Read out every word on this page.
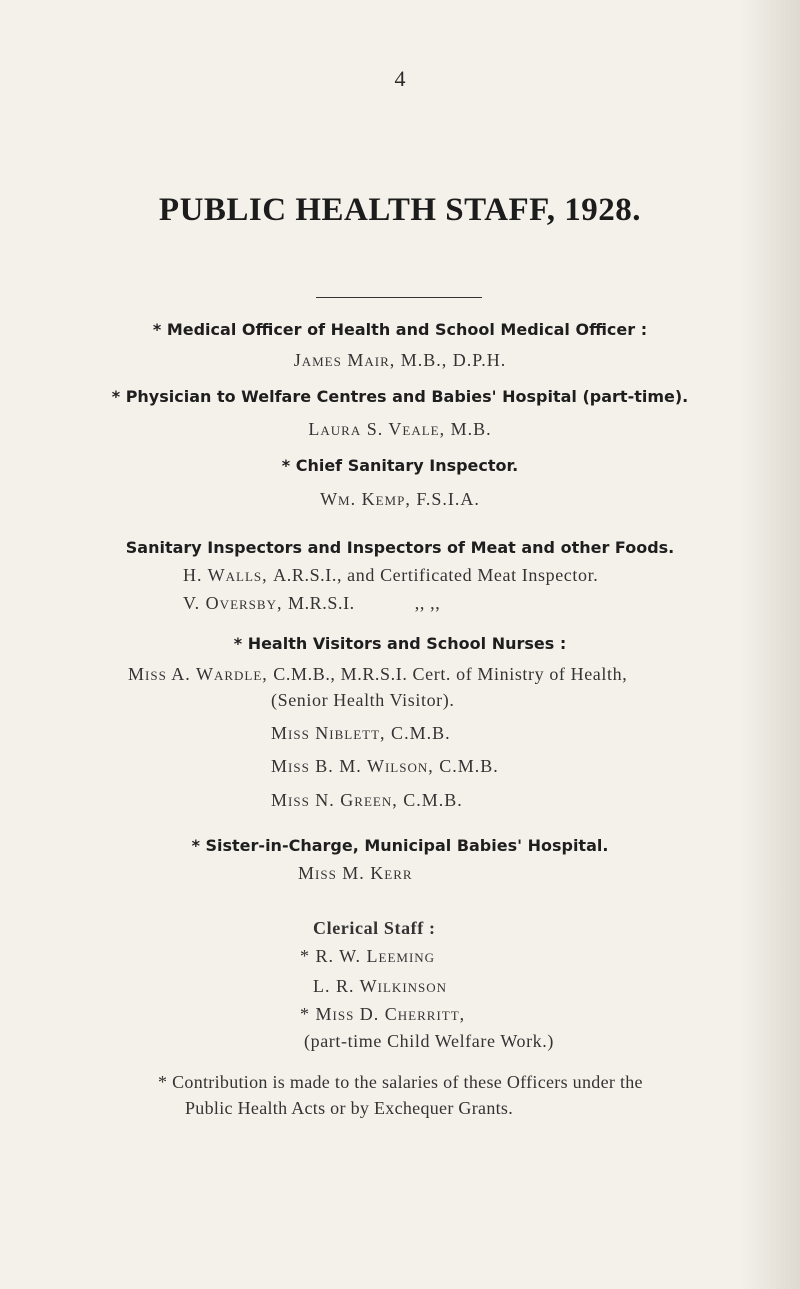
4
PUBLIC HEALTH STAFF, 1928.
* Medical Officer of Health and School Medical Officer :
James Mair, M.B., D.P.H.
* Physician to Welfare Centres and Babies' Hospital (part-time).
Laura S. Veale, M.B.
* Chief Sanitary Inspector.
Wm. Kemp, F.S.I.A.
Sanitary Inspectors and Inspectors of Meat and other Foods.
H. Walls, A.R.S.I., and Certificated Meat Inspector.
V. Oversby, M.R.S.I.	,, ,,
* Health Visitors and School Nurses :
Miss A. Wardle, C.M.B., M.R.S.I. Cert. of Ministry of Health,
(Senior Health Visitor).
Miss Niblett, C.M.B.
Miss B. M. Wilson, C.M.B.
Miss N. Green, C.M.B.
* Sister-in-Charge, Municipal Babies' Hospital.
Miss M. Kerr
Clerical Staff :
* R. W. Leeming
L. R. Wilkinson
* Miss D. Cherritt,
(part-time Child Welfare Work.)
* Contribution is made to the salaries of these Officers under the
Public Health Acts or by Exchequer Grants.
